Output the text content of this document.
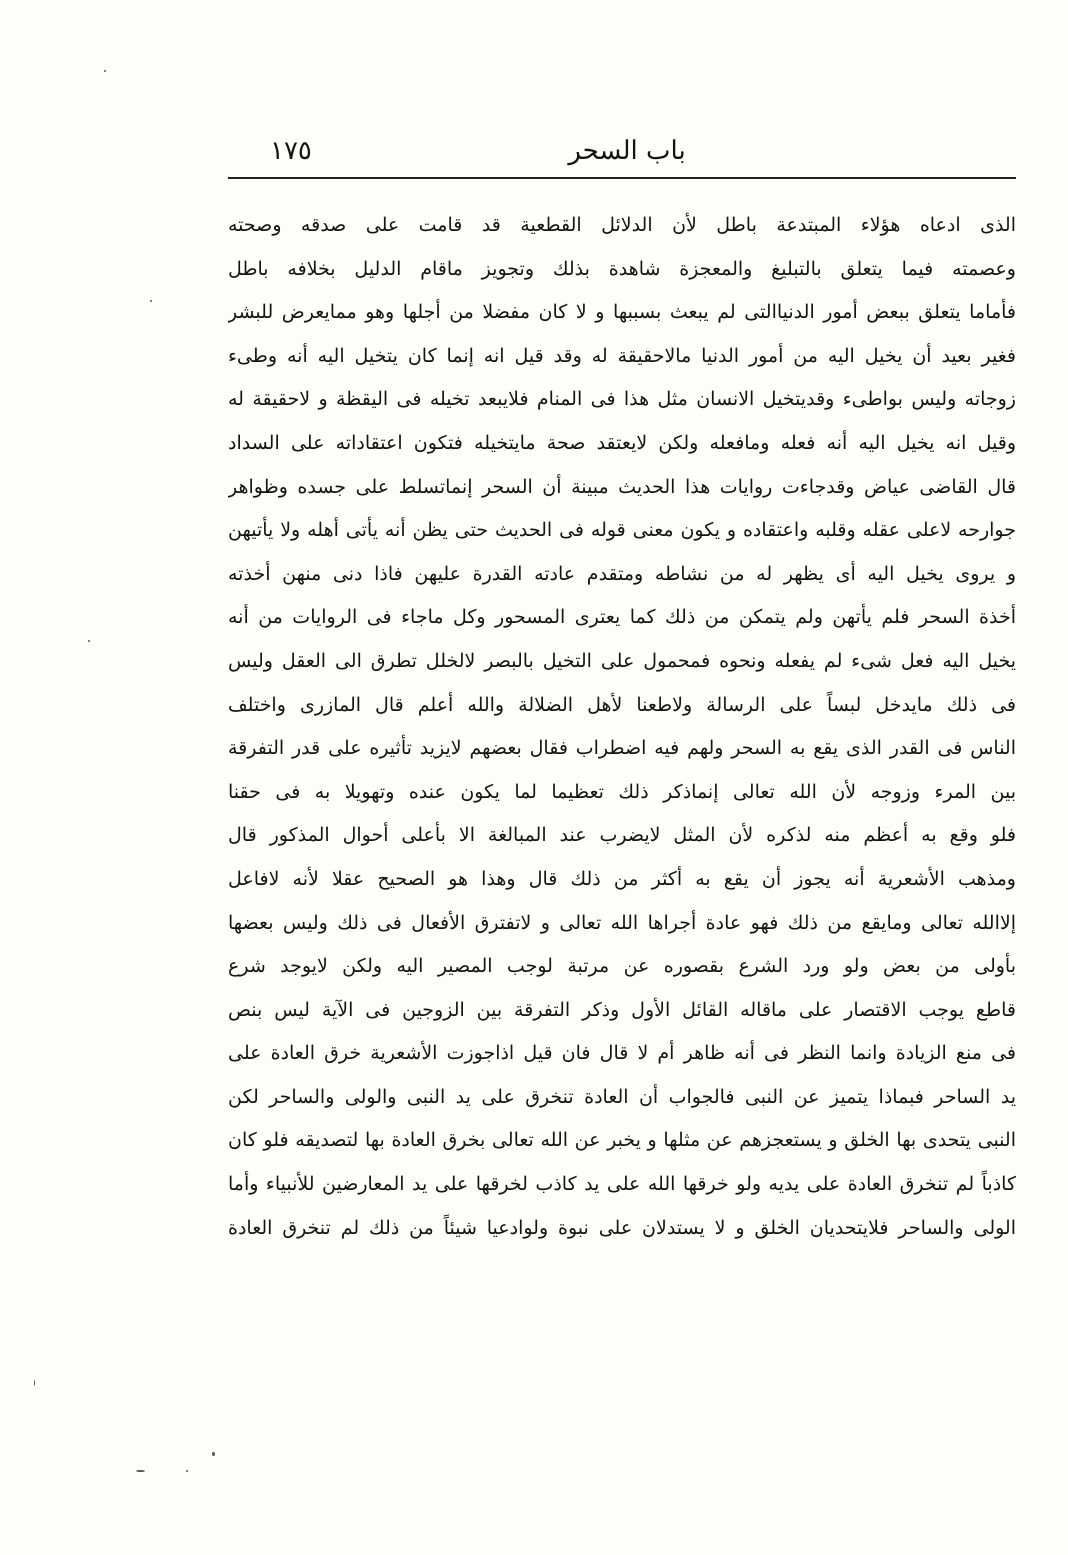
١٧٥	باب السحر
الذى ادعاه هؤلاء المبتدعة باطل لأن الدلائل القطعية قد قامت على صدقه وصحته
وعصمته فيما يتعلق بالتبليغ والمعجزة شاهدة بذلك وتجويز ماقام الدليل بخلافه باطل
فأماما يتعلق ببعض أمور الدنياالتى لم يبعث بسببها و لا كان مفضلا من أجلها وهو ممايعرض للبشر
فغير بعيد أن يخيل اليه من أمور الدنيا مالاحقيقة له وقد قيل انه إنما كان يتخيل اليه أنه وطىء
زوجاته وليس بواطىء وقديتخيل الانسان مثل هذا فى المنام فلايبعد تخيله فى اليقظة و لاحقيقة له
وقيل انه يخيل اليه أنه فعله ومافعله ولكن لايعتقد صحة مايتخيله فتكون اعتقاداته على السداد
قال القاضى عياض وقدجاءت روايات هذا الحديث مبينة أن السحر إنماتسلط على جسده وظواهر
جوارحه لاعلى عقله وقلبه واعتقاده و يكون معنى قوله فى الحديث حتى يظن أنه يأتى أهله ولا يأتيهن
و يروى يخيل اليه أى يظهر له من نشاطه ومتقدم عادته القدرة عليهن فاذا دنى منهن أخذته
أخذة السحر فلم يأتهن ولم يتمكن من ذلك كما يعترى المسحور وكل ماجاء فى الروايات من أنه
يخيل اليه فعل شىء لم يفعله ونحوه فمحمول على التخيل بالبصر لالخلل تطرق الى العقل وليس
فى ذلك مايدخل لبساً على الرسالة ولاطعنا لأهل الضلالة والله أعلم قال المازرى واختلف
الناس فى القدر الذى يقع به السحر ولهم فيه اضطراب فقال بعضهم لايزيد تأثيره على قدر التفرقة
بين المرء وزوجه لأن الله تعالى إنماذكر ذلك تعظيما لما يكون عنده وتهويلا به فى حقنا
فلو وقع به أعظم منه لذكره لأن المثل لايضرب عند المبالغة الا بأعلى أحوال المذكور قال
ومذهب الأشعرية أنه يجوز أن يقع به أكثر من ذلك قال وهذا هو الصحيح عقلا لأنه لافاعل
إلاالله تعالى ومايقع من ذلك فهو عادة أجراها الله تعالى و لاتفترق الأفعال فى ذلك وليس بعضها
بأولى من بعض ولو ورد الشرع بقصوره عن مرتبة لوجب المصير اليه ولكن لايوجد شرع
قاطع يوجب الاقتصار على ماقاله القائل الأول وذكر التفرقة بين الزوجين فى الآية ليس بنص
فى منع الزيادة وانما النظر فى أنه ظاهر أم لا قال فان قيل اذاجوزت الأشعرية خرق العادة على
يد الساحر فبماذا يتميز عن النبى فالجواب أن العادة تنخرق على يد النبى والولى والساحر لكن
النبى يتحدى بها الخلق و يستعجزهم عن مثلها و يخبر عن الله تعالى بخرق العادة بها لتصديقه فلو كان
كاذباً لم تنخرق العادة على يديه ولو خرقها الله على يد كاذب لخرقها على يد المعارضين للأنبياء وأما
الولى والساحر فلايتحديان الخلق و لا يستدلان على نبوة ولوادعيا شيئاً من ذلك لم تنخرق العادة
